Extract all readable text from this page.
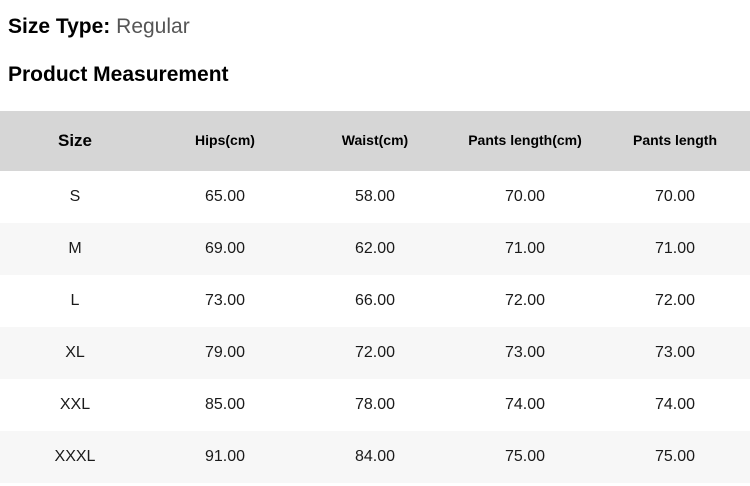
Size Type: Regular
Product Measurement
Size	Hips(cm)	Waist(cm)	Pants length(cm)	Pants length
S	65.00	58.00	70.00	70.00
M	69.00	62.00	71.00	71.00
L	73.00	66.00	72.00	72.00
XL	79.00	72.00	73.00	73.00
XXL	85.00	78.00	74.00	74.00
XXXL	91.00	84.00	75.00	75.00
